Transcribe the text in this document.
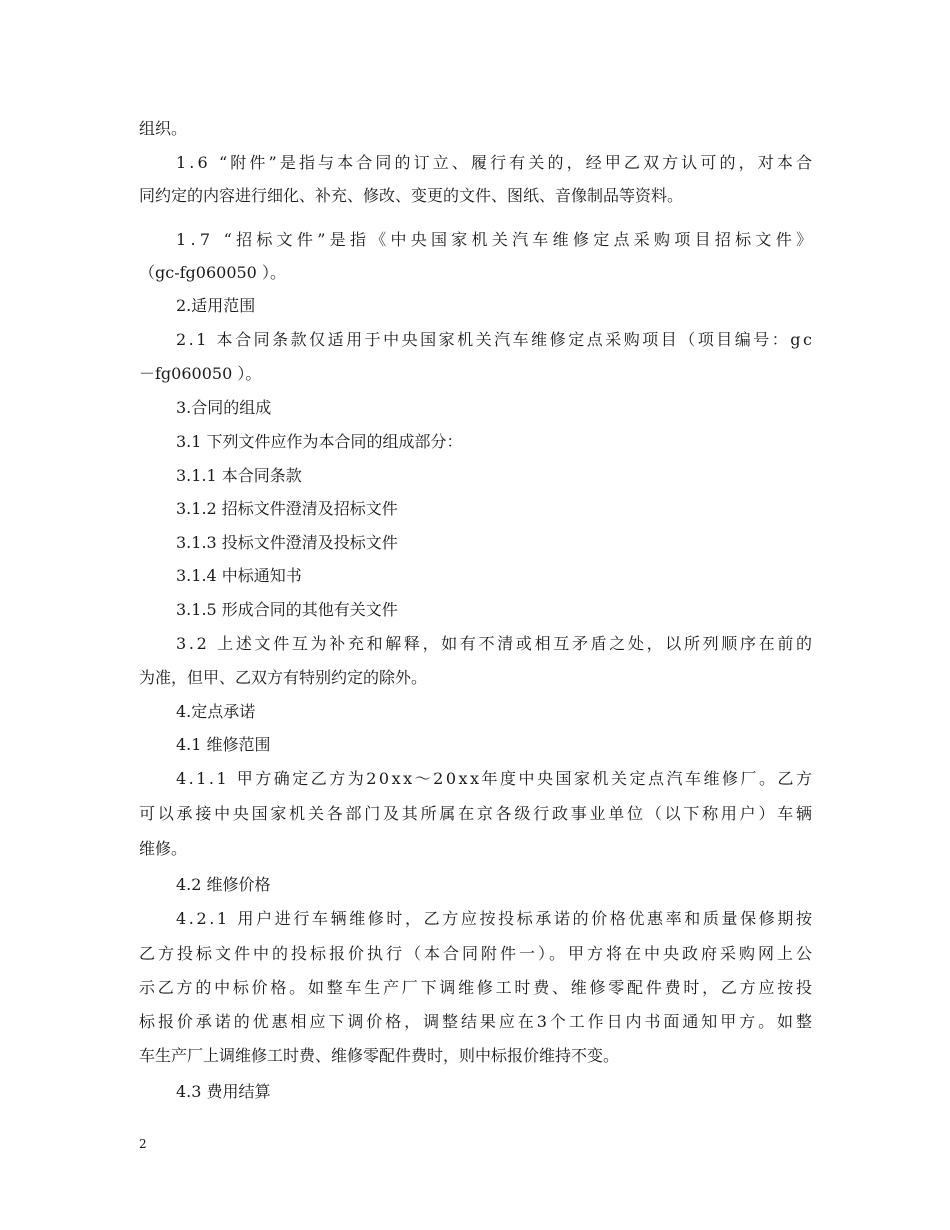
组织。
1.6 “附件”是指与本合同的订立、履行有关的，经甲乙双方认可的，对本合
同约定的内容进行细化、补充、修改、变更的文件、图纸、音像制品等资料。
1.7 “招标文件”是指《中央国家机关汽车维修定点采购项目招标文件》
（gc-fg060050 ）。
2.适用范围
2.1 本合同条款仅适用于中央国家机关汽车维修定点采购项目（项目编号：gc
－fg060050 ）。
3.合同的组成
3.1 下列文件应作为本合同的组成部分：
3.1.1 本合同条款
3.1.2 招标文件澄清及招标文件
3.1.3 投标文件澄清及投标文件
3.1.4 中标通知书
3.1.5 形成合同的其他有关文件
3.2 上述文件互为补充和解释，如有不清或相互矛盾之处，以所列顺序在前的
为准，但甲、乙双方有特别约定的除外。
4.定点承诺
4.1 维修范围
4.1.1 甲方确定乙方为20xx～20xx年度中央国家机关定点汽车维修厂。乙方
可以承接中央国家机关各部门及其所属在京各级行政事业单位（以下称用户）车辆
维修。
4.2 维修价格
4.2.1 用户进行车辆维修时，乙方应按投标承诺的价格优惠率和质量保修期按
乙方投标文件中的投标报价执行（本合同附件一）。甲方将在中央政府采购网上公
示乙方的中标价格。如整车生产厂下调维修工时费、维修零配件费时，乙方应按投
标报价承诺的优惠相应下调价格，调整结果应在3个工作日内书面通知甲方。如整
车生产厂上调维修工时费、维修零配件费时，则中标报价维持不变。
4.3 费用结算
2
